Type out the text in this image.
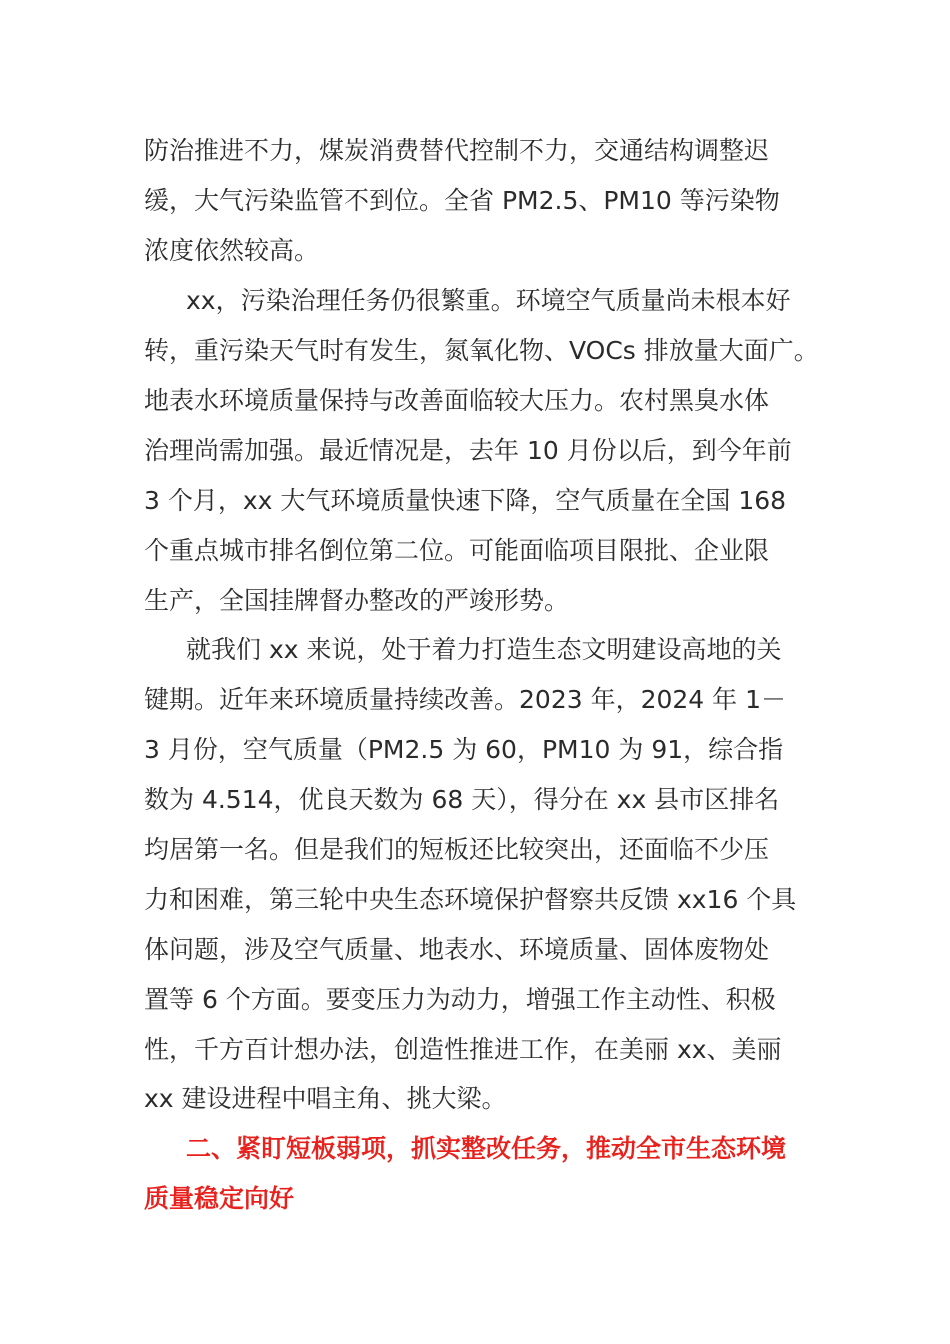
防治推进不力，煤炭消费替代控制不力，交通结构调整迟
缓，大气污染监管不到位。全省 PM2.5、PM10 等污染物
浓度依然较高。
xx，污染治理任务仍很繁重。环境空气质量尚未根本好
转，重污染天气时有发生，氮氧化物、VOCs 排放量大面广。
地表水环境质量保持与改善面临较大压力。农村黑臭水体
治理尚需加强。最近情况是，去年 10 月份以后，到今年前
3 个月，xx 大气环境质量快速下降，空气质量在全国 168
个重点城市排名倒位第二位。可能面临项目限批、企业限
生产，全国挂牌督办整改的严竣形势。
就我们 xx 来说，处于着力打造生态文明建设高地的关
键期。近年来环境质量持续改善。2023 年，2024 年 1－
3 月份，空气质量（PM2.5 为 60，PM10 为 91，综合指
数为 4.514，优良天数为 68 天），得分在 xx 县市区排名
均居第一名。但是我们的短板还比较突出，还面临不少压
力和困难，第三轮中央生态环境保护督察共反馈 xx16 个具
体问题，涉及空气质量、地表水、环境质量、固体废物处
置等 6 个方面。要变压力为动力，增强工作主动性、积极
性，千方百计想办法，创造性推进工作，在美丽 xx、美丽
xx 建设进程中唱主角、挑大梁。
二、紧盯短板弱项，抓实整改任务，推动全市生态环境
质量稳定向好
